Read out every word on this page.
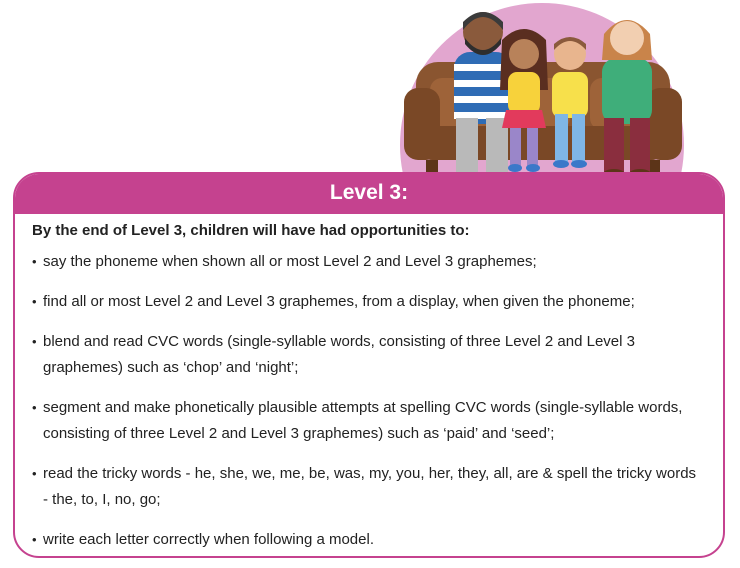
Level 3:

By the end of Level 3, children will have had opportunities to:

• say the phoneme when shown all or most Level 2 and Level 3 graphemes;
• find all or most Level 2 and Level 3 graphemes, from a display, when given the phoneme;
• blend and read CVC words (single-syllable words, consisting of three Level 2 and Level 3 graphemes) such as ‘chop’ and ‘night’;
• segment and make phonetically plausible attempts at spelling CVC words (single-syllable words, consisting of three Level 2 and Level 3 graphemes) such as ‘paid’ and ‘seed’;
• read the tricky words - he, she, we, me, be, was, my, you, her, they, all, are & spell the tricky words - the, to, I, no, go;
• write each letter correctly when following a model.
